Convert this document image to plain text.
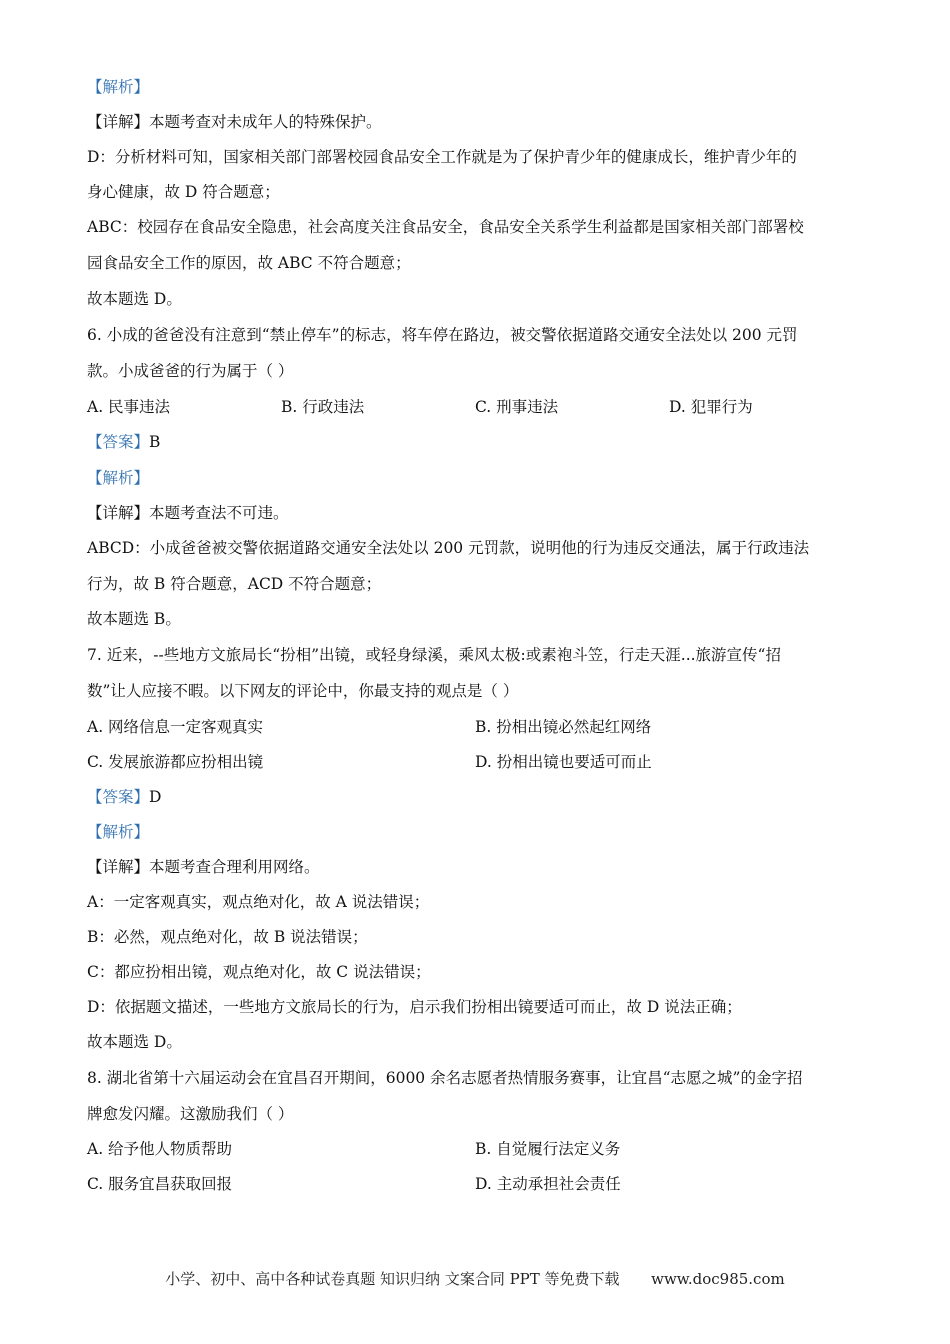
【解析】
【详解】本题考查对未成年人的特殊保护。
D：分析材料可知，国家相关部门部署校园食品安全工作就是为了保护青少年的健康成长，维护青少年的
身心健康，故 D 符合题意；
ABC：校园存在食品安全隐患，社会高度关注食品安全，食品安全关系学生利益都是国家相关部门部署校
园食品安全工作的原因，故 ABC 不符合题意；
故本题选 D。
6. 小成的爸爸没有注意到“禁止停车”的标志，将车停在路边，被交警依据道路交通安全法处以 200 元罚
款。小成爸爸的行为属于（ ）
A. 民事违法	B. 行政违法	C. 刑事违法	D. 犯罪行为
【答案】B
【解析】
【详解】本题考查法不可违。
ABCD：小成爸爸被交警依据道路交通安全法处以 200 元罚款，说明他的行为违反交通法，属于行政违法
行为，故 B 符合题意，ACD 不符合题意；
故本题选 B。
7. 近来，--些地方文旅局长“扮相”出镜，或轻身绿溪，乘风太极:或素袍斗笠，行走天涯...旅游宣传“招
数”让人应接不暇。以下网友的评论中，你最支持的观点是（ ）
A. 网络信息一定客观真实	B. 扮相出镜必然起红网络
C. 发展旅游都应扮相出镜	D. 扮相出镜也要适可而止
【答案】D
【解析】
【详解】本题考查合理利用网络。
A：一定客观真实，观点绝对化，故 A 说法错误；
B：必然，观点绝对化，故 B 说法错误；
C：都应扮相出镜，观点绝对化，故 C 说法错误；
D：依据题文描述，一些地方文旅局长的行为，启示我们扮相出镜要适可而止，故 D 说法正确；
故本题选 D。
8. 湖北省第十六届运动会在宜昌召开期间，6000 余名志愿者热情服务赛事，让宜昌“志愿之城”的金字招
牌愈发闪耀。这激励我们（ ）
A. 给予他人物质帮助	B. 自觉履行法定义务
C. 服务宜昌获取回报	D. 主动承担社会责任
小学、初中、高中各种试卷真题 知识归纳 文案合同 PPT 等免费下载 www.doc985.com
